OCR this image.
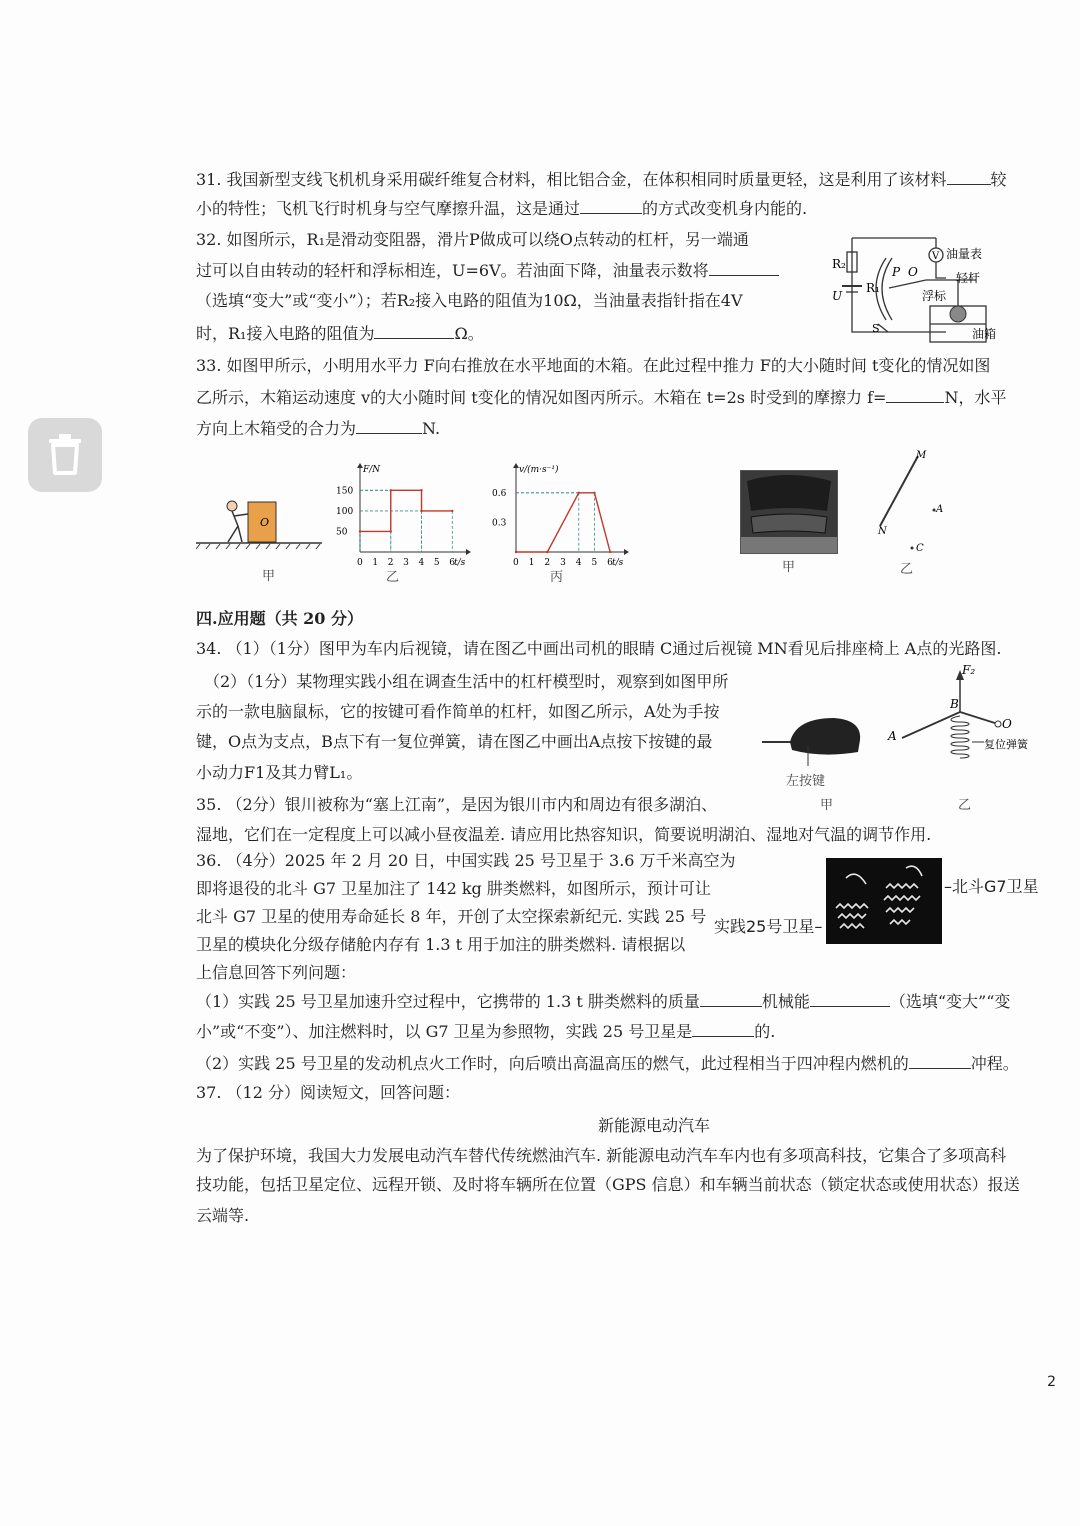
31. 我国新型支线飞机机身采用碳纤维复合材料，相比铝合金，在体积相同时质量更轻，这是利用了该材料	较
小的特性；飞机飞行时机身与空气摩擦升温，这是通过	的方式改变机身内能的.
32. 如图所示，R₁是滑动变阻器，滑片P做成可以绕O点转动的杠杆，另一端通
过可以自由转动的轻杆和浮标相连，U=6V。若油面下降，油量表示数将
（选填“变大”或“变小”）；若R₂接入电路的阻值为10Ω，当油量表指针指在4V
时，R₁接入电路的阻值为	Ω。
R₂
V 油量表
P O	轻杆
U
R₁
浮标
S	油箱
33. 如图甲所示，小明用水平力 F向右推放在水平地面的木箱。在此过程中推力 F的大小随时间 t变化的情况如图
乙所示，木箱运动速度 v的大小随时间 t变化的情况如图丙所示。木箱在 t=2s 时受到的摩擦力 f=	N，水平
方向上木箱受的合力为	N.
O
甲
F/N
t/s
0 1 2 3 4 5 6
150
100
50
乙
v/(m·s⁻¹)
t/s
0 1 2 3 4 5 6
0.6
0.3
丙
甲
M
N
A
C
乙
四.应用题（共 20 分）
34. （1）（1分）图甲为车内后视镜，请在图乙中画出司机的眼睛 C通过后视镜 MN看见后排座椅上 A点的光路图.
（2）（1分）某物理实践小组在调查生活中的杠杆模型时，观察到如图甲所
示的一款电脑鼠标，它的按键可看作简单的杠杆，如图乙所示，A处为手按
键，O点为支点，B点下有一复位弹簧，请在图乙中画出A点按下按键的最
小动力F1及其力臂L₁。	左按键
甲
F₂
B
A
O
复位弹簧
乙
35. （2分）银川被称为“塞上江南”，是因为银川市内和周边有很多湖泊、
湿地，它们在一定程度上可以减小昼夜温差. 请应用比热容知识，简要说明湖泊、湿地对气温的调节作用.
36. （4分）2025 年 2 月 20 日，中国实践 25 号卫星于 3.6 万千米高空为
即将退役的北斗 G7 卫星加注了 142 kg 肼类燃料，如图所示，预计可让
北斗 G7 卫星的使用寿命延长 8 年，开创了太空探索新纪元. 实践 25 号
卫星的模块化分级存储舱内存有 1.3 t 用于加注的肼类燃料. 请根据以
上信息回答下列问题：
–北斗G7卫星
实践25号卫星–
（1）实践 25 号卫星加速升空过程中，它携带的 1.3 t 肼类燃料的质量	机械能	（选填“变大”“变
小”或“不变”）、加注燃料时，以 G7 卫星为参照物，实践 25 号卫星是	的.
（2）实践 25 号卫星的发动机点火工作时，向后喷出高温高压的燃气，此过程相当于四冲程内燃机的	冲程。
37. （12 分）阅读短文，回答问题：
新能源电动汽车
为了保护环境，我国大力发展电动汽车替代传统燃油汽车. 新能源电动汽车车内也有多项高科技，它集合了多项高科
技功能，包括卫星定位、远程开锁、及时将车辆所在位置（GPS 信息）和车辆当前状态（锁定状态或使用状态）报送
云端等.
2
